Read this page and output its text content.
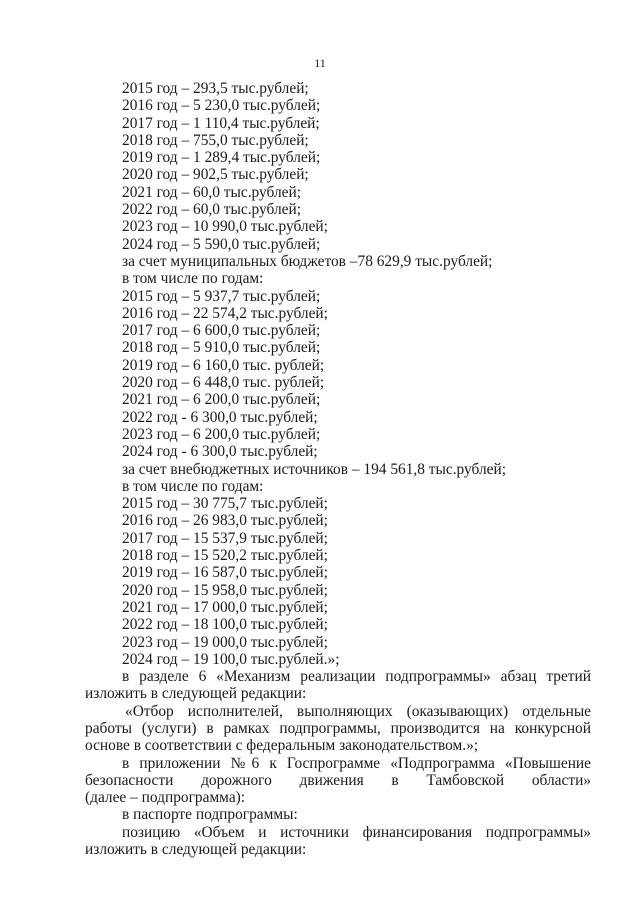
11
2015 год – 293,5 тыс.рублей;
2016 год – 5 230,0 тыс.рублей;
2017 год – 1 110,4 тыс.рублей;
2018 год – 755,0 тыс.рублей;
2019 год – 1 289,4 тыс.рублей;
2020 год – 902,5 тыс.рублей;
2021 год – 60,0 тыс.рублей;
2022 год – 60,0 тыс.рублей;
2023 год – 10 990,0 тыс.рублей;
2024 год – 5 590,0 тыс.рублей;
за счет муниципальных бюджетов –78 629,9 тыс.рублей;
в том числе по годам:
2015 год – 5 937,7 тыс.рублей;
2016 год – 22 574,2 тыс.рублей;
2017 год – 6 600,0 тыс.рублей;
2018 год – 5 910,0 тыс.рублей;
2019 год – 6 160,0 тыс. рублей;
2020 год – 6 448,0 тыс. рублей;
2021 год – 6 200,0 тыс.рублей;
2022 год - 6 300,0 тыс.рублей;
2023 год – 6 200,0 тыс.рублей;
2024 год - 6 300,0 тыс.рублей;
за счет внебюджетных источников – 194 561,8 тыс.рублей;
в том числе по годам:
2015 год – 30 775,7 тыс.рублей;
2016 год – 26 983,0 тыс.рублей;
2017 год – 15 537,9 тыс.рублей;
2018 год – 15 520,2 тыс.рублей;
2019 год – 16 587,0 тыс.рублей;
2020 год – 15 958,0 тыс.рублей;
2021 год – 17 000,0 тыс.рублей;
2022 год – 18 100,0 тыс.рублей;
2023 год – 19 000,0 тыс.рублей;
2024 год – 19 100,0 тыс.рублей.»;
в разделе 6 «Механизм реализации подпрограммы» абзац третий
изложить в следующей редакции:
«Отбор исполнителей, выполняющих (оказывающих) отдельные
работы (услуги) в рамках подпрограммы, производится на конкурсной
основе в соответствии с федеральным законодательством.»;
в приложении №6 к Госпрограмме «Подпрограмма «Повышение
безопасности дорожного движения в Тамбовской области»
(далее – подпрограмма):
в паспорте подпрограммы:
позицию «Объем и источники финансирования подпрограммы»
изложить в следующей редакции:
